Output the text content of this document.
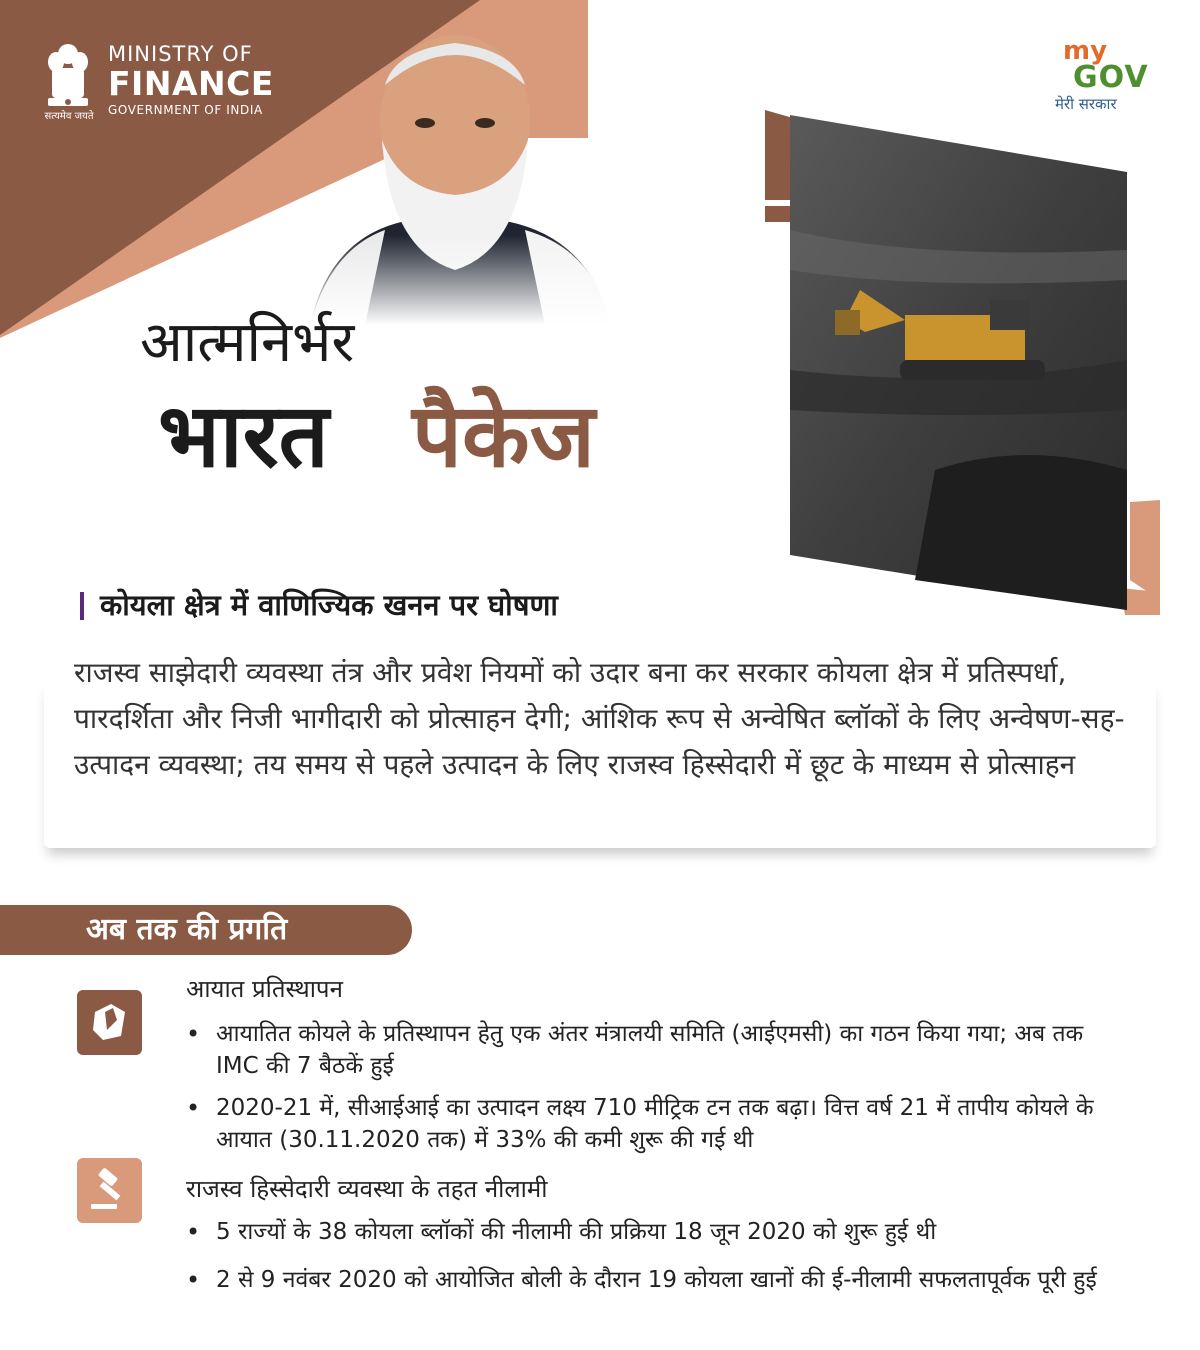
सत्यमेव जयते
MINISTRY OF
FINANCE
GOVERNMENT OF INDIA
आत्मनिर्भर
भारत पैकेज
my
GOV
मेरी सरकार
कोयला क्षेत्र में वाणिज्यिक खनन पर घोषणा
राजस्व साझेदारी व्यवस्था तंत्र और प्रवेश नियमों को उदार बना कर सरकार कोयला क्षेत्र में प्रतिस्पर्धा, पारदर्शिता और निजी भागीदारी को प्रोत्साहन देगी; आंशिक रूप से अन्वेषित ब्लॉकों के लिए अन्वेषण-सह-उत्पादन व्यवस्था; तय समय से पहले उत्पादन के लिए राजस्व हिस्सेदारी में छूट के माध्यम से प्रोत्साहन
अब तक की प्रगति
आयात प्रतिस्थापन
• आयातित कोयले के प्रतिस्थापन हेतु एक अंतर मंत्रालयी समिति (आईएमसी) का गठन किया गया; अब तक IMC की 7 बैठकें हुई
• 2020-21 में, सीआईआई का उत्पादन लक्ष्य 710 मीट्रिक टन तक बढ़ा। वित्त वर्ष 21 में तापीय कोयले के आयात (30.11.2020 तक) में 33% की कमी शुरू की गई थी
राजस्व हिस्सेदारी व्यवस्था के तहत नीलामी
• 5 राज्यों के 38 कोयला ब्लॉकों की नीलामी की प्रक्रिया 18 जून 2020 को शुरू हुई थी
• 2 से 9 नवंबर 2020 को आयोजित बोली के दौरान 19 कोयला खानों की ई-नीलामी सफलतापूर्वक पूरी हुई
